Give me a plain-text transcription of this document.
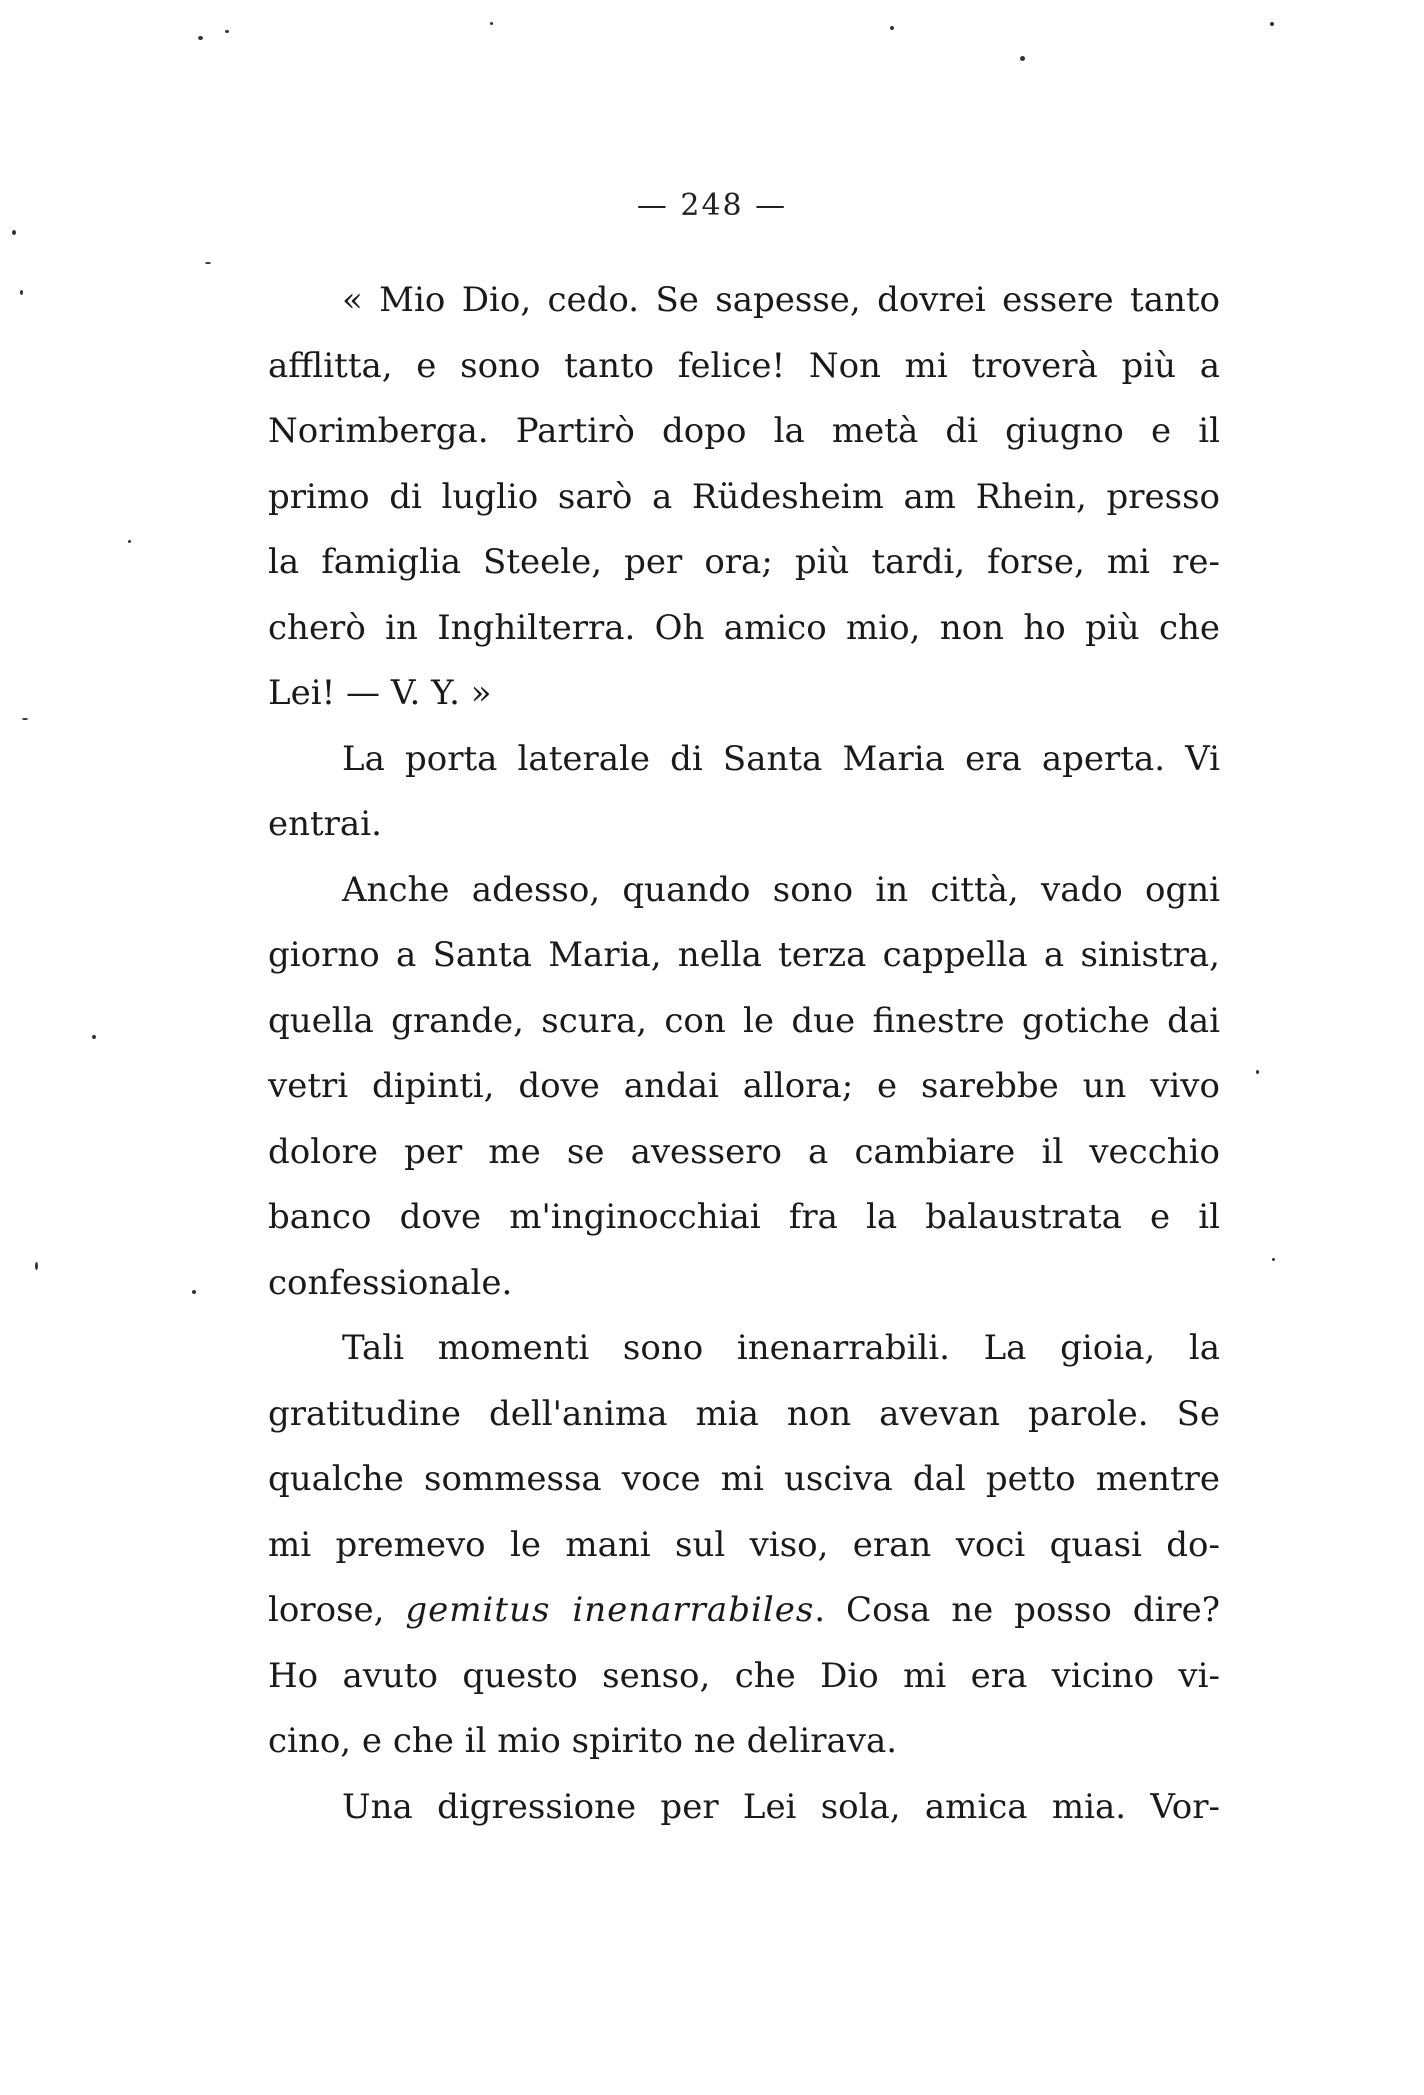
— 248 —
« Mio Dio, cedo. Se sapesse, dovrei essere tanto
afflitta, e sono tanto felice! Non mi troverà più a
Norimberga. Partirò dopo la metà di giugno e il
primo di luglio sarò a Rüdesheim am Rhein, presso
la famiglia Steele, per ora; più tardi, forse, mi re-
cherò in Inghilterra. Oh amico mio, non ho più che
Lei! — V. Y. »
La porta laterale di Santa Maria era aperta. Vi
entrai.
Anche adesso, quando sono in città, vado ogni
giorno a Santa Maria, nella terza cappella a sinistra,
quella grande, scura, con le due finestre gotiche dai
vetri dipinti, dove andai allora; e sarebbe un vivo
dolore per me se avessero a cambiare il vecchio
banco dove m'inginocchiai fra la balaustrata e il
confessionale.
Tali momenti sono inenarrabili. La gioia, la
gratitudine dell'anima mia non avevan parole. Se
qualche sommessa voce mi usciva dal petto mentre
mi premevo le mani sul viso, eran voci quasi do-
lorose, gemitus inenarrabiles. Cosa ne posso dire?
Ho avuto questo senso, che Dio mi era vicino vi-
cino, e che il mio spirito ne delirava.
Una digressione per Lei sola, amica mia. Vor-
